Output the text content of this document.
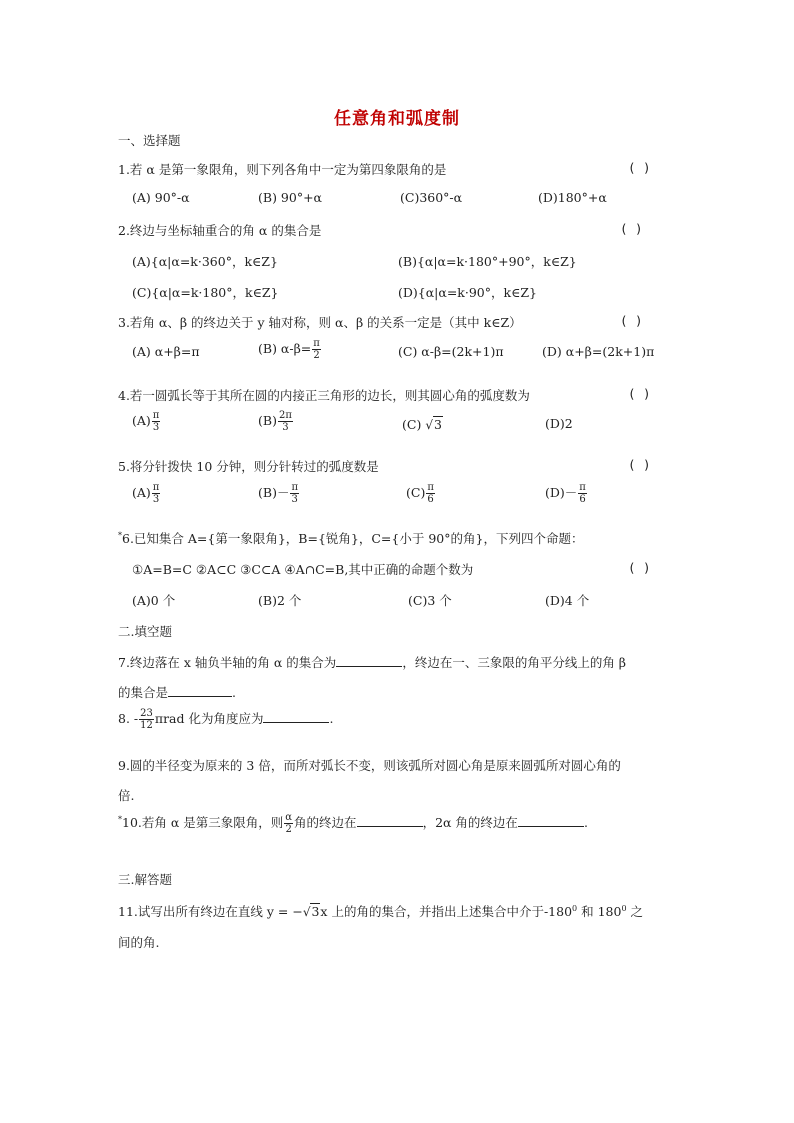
任意角和弧度制
一、选择题
1.若 α 是第一象限角，则下列各角中一定为第四象限角的是	( )
(A) 90°-α	(B) 90°+α	(C)360°-α	(D)180°+α
2.终边与坐标轴重合的角 α 的集合是	( )
(A){α|α=k·360°，k∈Z}	(B){α|α=k·180°+90°，k∈Z}
(C){α|α=k·180°，k∈Z}	(D){α|α=k·90°，k∈Z}
3.若角 α、β 的终边关于 y 轴对称，则 α、β 的关系一定是（其中 k∈Z）	( )
(A) α+β=π	(B) $\alpha-\beta= \frac{\pi}{2}$	(C) α-β=(2k+1)π	(D) α+β=(2k+1)π
4.若一圆弧长等于其所在圆的内接正三角形的边长，则其圆心角的弧度数为	( )
$(A) \frac{\pi}{3}$	$(B) \frac{2\pi}{3}$	(C) √3	(D)2
5.将分针拨快 10 分钟，则分针转过的弧度数是	( )
$(A) \frac{\pi}{3}$	$(B)- \frac{\pi}{3}$	$(C) \frac{\pi}{6}$	$(D)- \frac{\pi}{6}$
*6.已知集合 A={第一象限角}，B={锐角}，C={小于 90°的角}，下列四个命题：
①A=B=C ②A⊂C ③C⊂A ④A∩C=B,其中正确的命题个数为	( )
(A)0 个	(B)2 个	(C)3 个	(D)4 个
二.填空题
7.终边落在 x 轴负半轴的角 α 的集合为	，终边在一、三象限的角平分线上的角 β
的集合是	.
8. - $\frac{23}{12}$ πrad 化为角度应为	.
9.圆的半径变为原来的 3 倍，而所对弧长不变，则该弧所对圆心角是原来圆弧所对圆心角的
倍.
*10.若角 α 是第三象限角，则 $\frac{\alpha}{2}$ 角的终边在	，2α 角的终边在	.
三.解答题
11.试写出所有终边在直线 y = −√3x 上的角的集合，并指出上述集合中介于$-180^0$ 和 $180^0$ 之
间的角.
